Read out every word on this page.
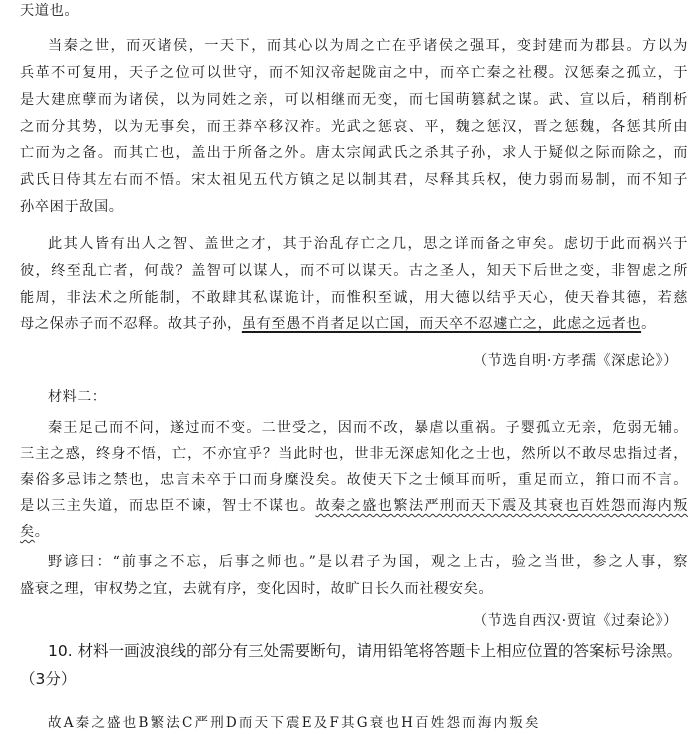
天道也。
当秦之世，而灭诸侯，一天下，而其心以为周之亡在乎诸侯之强耳，变封建而为郡县。方以为
兵革不可复用，天子之位可以世守，而不知汉帝起陇亩之中，而卒亡秦之社稷。汉惩秦之孤立，于
是大建庶孽而为诸侯，以为同姓之亲，可以相继而无变，而七国萌篡弑之谋。武、宣以后，稍削析
之而分其势，以为无事矣，而王莽卒移汉祚。光武之惩哀、平，魏之惩汉，晋之惩魏，各惩其所由
亡而为之备。而其亡也，盖出于所备之外。唐太宗闻武氏之杀其子孙，求人于疑似之际而除之，而
武氏日侍其左右而不悟。宋太祖见五代方镇之足以制其君，尽释其兵权，使力弱而易制，而不知子
孙卒困于敌国。
此其人皆有出人之智、盖世之才，其于治乱存亡之几，思之详而备之审矣。虑切于此而祸兴于
彼，终至乱亡者，何哉？盖智可以谋人，而不可以谋天。古之圣人，知天下后世之变，非智虑之所
能周，非法术之所能制，不敢肆其私谋诡计，而惟积至诚，用大德以结乎天心，使天眷其德，若慈
母之保赤子而不忍释。故其子孙，虽有至愚不肖者足以亡国，而天卒不忍遽亡之，此虑之远者也。
（节选自明·方孝孺《深虑论》）
材料二：
秦王足己而不问，遂过而不变。二世受之，因而不改，暴虐以重祸。子婴孤立无亲，危弱无辅。
三主之惑，终身不悟，亡，不亦宜乎？当此时也，世非无深虑知化之士也，然所以不敢尽忠指过者，
秦俗多忌讳之禁也，忠言未卒于口而身糜没矣。故使天下之士倾耳而听，重足而立，箝口而不言。
是以三主失道，而忠臣不谏，智士不谋也。故秦之盛也繁法严刑而天下震及其衰也百姓怨而海内叛
矣。
野谚曰：“前事之不忘，后事之师也。”是以君子为国，观之上古，验之当世，参之人事，察
盛衰之理，审权势之宜，去就有序，变化因时，故旷日长久而社稷安矣。
（节选自西汉·贾谊《过秦论》）
10. 材料一画波浪线的部分有三处需要断句，请用铅笔将答题卡上相应位置的答案标号涂黑。
（3分）
故A秦之盛也B繁法C严刑D而天下震E及F其G衰也H百姓怨而海内叛矣
